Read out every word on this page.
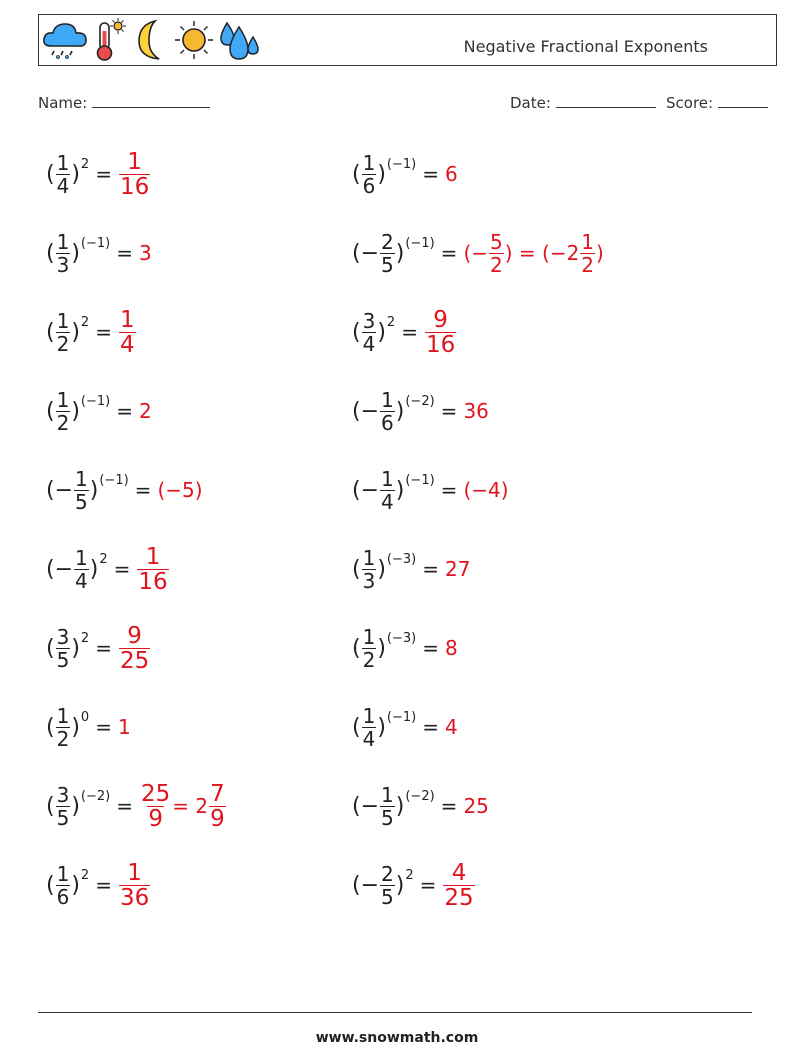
Negative Fractional Exponents
Name:	Date:	Score:
( $\frac{1}{4}$ ) $2 = \frac{1}{16}$	( $\frac{1}{6}$ ) (−1) = 6
( $\frac{1}{3}$ ) (−1) = 3	(− $\frac{2}{5}$ ) (−1) = (− $\frac{5}{2}$ ) = ($-2 \frac{1}{2}$ )
( $\frac{1}{2}$ ) $2 = \frac{1}{4}$	( $\frac{3}{4}$ ) $2 = \frac{9}{16}$
( $\frac{1}{2}$ ) (−1) = 2	(− $\frac{1}{6}$ ) (−2) = 36
(− $\frac{1}{5}$ ) (−1) = (−5)	(− $\frac{1}{4}$ ) (−1) = (−4)
(− $\frac{1}{4}$ ) $2 = \frac{1}{16}$	( $\frac{1}{3}$ ) (−3) = 27
( $\frac{3}{5}$ ) $2 = \frac{9}{25}$	( $\frac{1}{2}$ ) (−3) = 8
( $\frac{1}{2}$ ) 0 = 1	( $\frac{1}{4}$ ) (−1) = 4
( $\frac{3}{5}$ ) $(-2) = \frac{25}{9} = 2 \frac{7}{9}$	(− $\frac{1}{5}$ ) (−2) = 25
( $\frac{1}{6}$ ) $2 = \frac{1}{36}$	(− $\frac{2}{5}$ ) $2 = \frac{4}{25}$
www.snowmath.com
